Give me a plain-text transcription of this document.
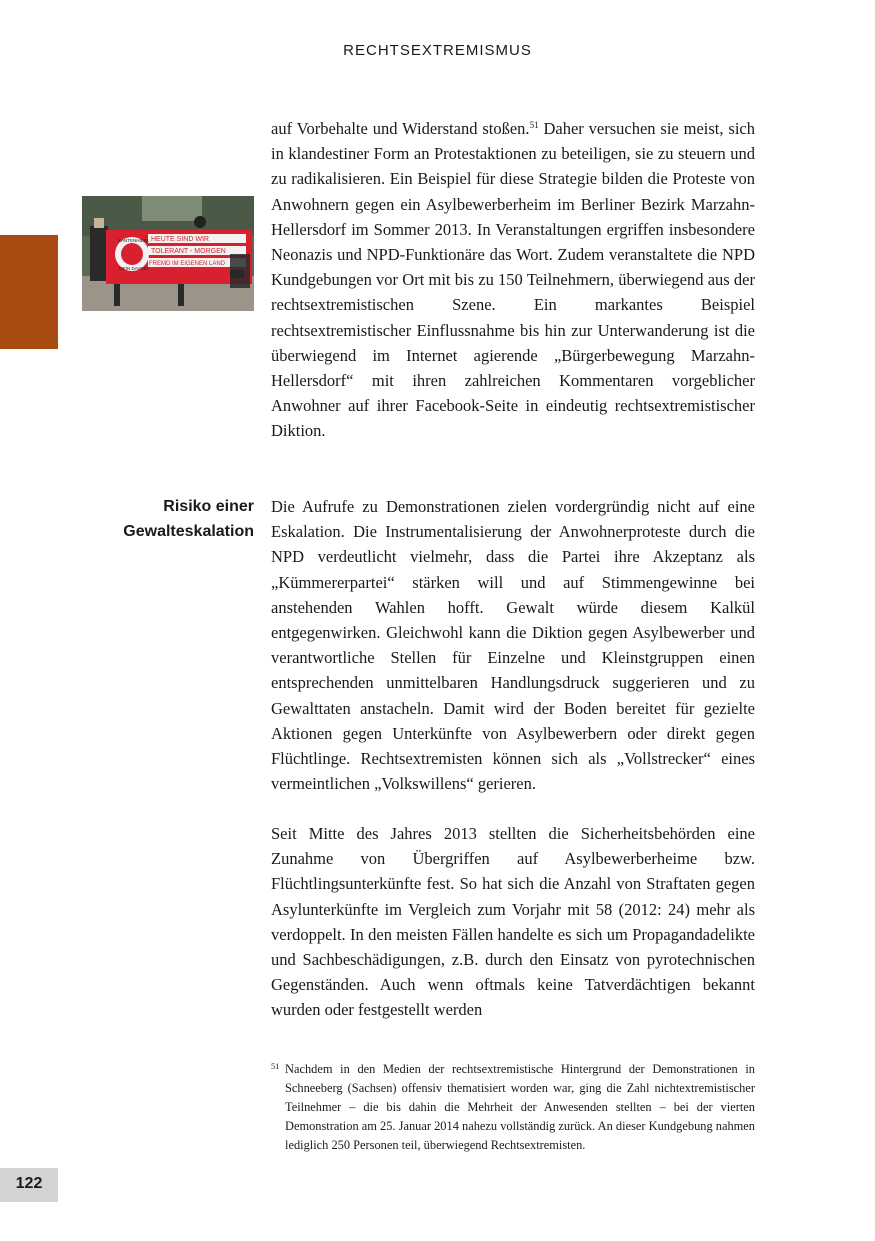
RECHTSEXTREMISMUS
HEUTE SIND WIR
TOLERANT - MORGEN
FREMD IM EIGENEN LAND
KANTENHIERL
MEIN DAVNEI

auf Vorbehalte und Widerstand stoßen.$^{51}$ Daher versuchen sie meist, sich in klandestiner Form an Protestaktionen zu beteiligen, sie zu steuern und zu radikalisieren. Ein Beispiel für diese Strategie bilden die Proteste von Anwohnern gegen ein Asylbewerberheim im Berliner Bezirk Marzahn-Hellersdorf im Sommer 2013. In Veranstaltungen ergriffen insbesondere Neonazis und NPD-Funktionäre das Wort. Zudem veranstaltete die NPD Kundgebungen vor Ort mit bis zu 150 Teilnehmern, überwiegend aus der rechtsextremistischen Szene. Ein markantes Beispiel rechtsextremistischer Einflussnahme bis hin zur Unterwanderung ist die überwiegend im Internet agierende „Bürgerbewegung Marzahn-Hellersdorf“ mit ihren zahlreichen Kommentaren vorgeblicher Anwohner auf ihrer Facebook-Seite in eindeutig rechtsextremistischer Diktion.

Risiko einer
Gewalteskalation

Die Aufrufe zu Demonstrationen zielen vordergründig nicht auf eine Eskalation. Die Instrumentalisierung der Anwohnerproteste durch die NPD verdeutlicht vielmehr, dass die Partei ihre Akzeptanz als „Kümmererpartei“ stärken will und auf Stimmengewinne bei anstehenden Wahlen hofft. Gewalt würde diesem Kalkül entgegenwirken. Gleichwohl kann die Diktion gegen Asylbewerber und verantwortliche Stellen für Einzelne und Kleinstgruppen einen entsprechenden unmittelbaren Handlungsdruck suggerieren und zu Gewalttaten anstacheln. Damit wird der Boden bereitet für gezielte Aktionen gegen Unterkünfte von Asylbewerbern oder direkt gegen Flüchtlinge. Rechtsextremisten können sich als „Vollstrecker“ eines vermeintlichen „Volkswillens“ gerieren.

Seit Mitte des Jahres 2013 stellten die Sicherheitsbehörden eine Zunahme von Übergriffen auf Asylbewerberheime bzw. Flüchtlingsunterkünfte fest. So hat sich die Anzahl von Straftaten gegen Asylunterkünfte im Vergleich zum Vorjahr mit 58 (2012: 24) mehr als verdoppelt. In den meisten Fällen handelte es sich um Propagandadelikte und Sachbeschädigungen, z.B. durch den Einsatz von pyrotechnischen Gegenständen. Auch wenn oftmals keine Tatverdächtigen bekannt wurden oder festgestellt werden

51 Nachdem in den Medien der rechtsextremistische Hintergrund der Demonstrationen in Schneeberg (Sachsen) offensiv thematisiert worden war, ging die Zahl nichtextremistischer Teilnehmer – die bis dahin die Mehrheit der Anwesenden stellten – bei der vierten Demonstration am 25. Januar 2014 nahezu vollständig zurück. An dieser Kundgebung nahmen lediglich 250 Personen teil, überwiegend Rechtsextremisten.

122
